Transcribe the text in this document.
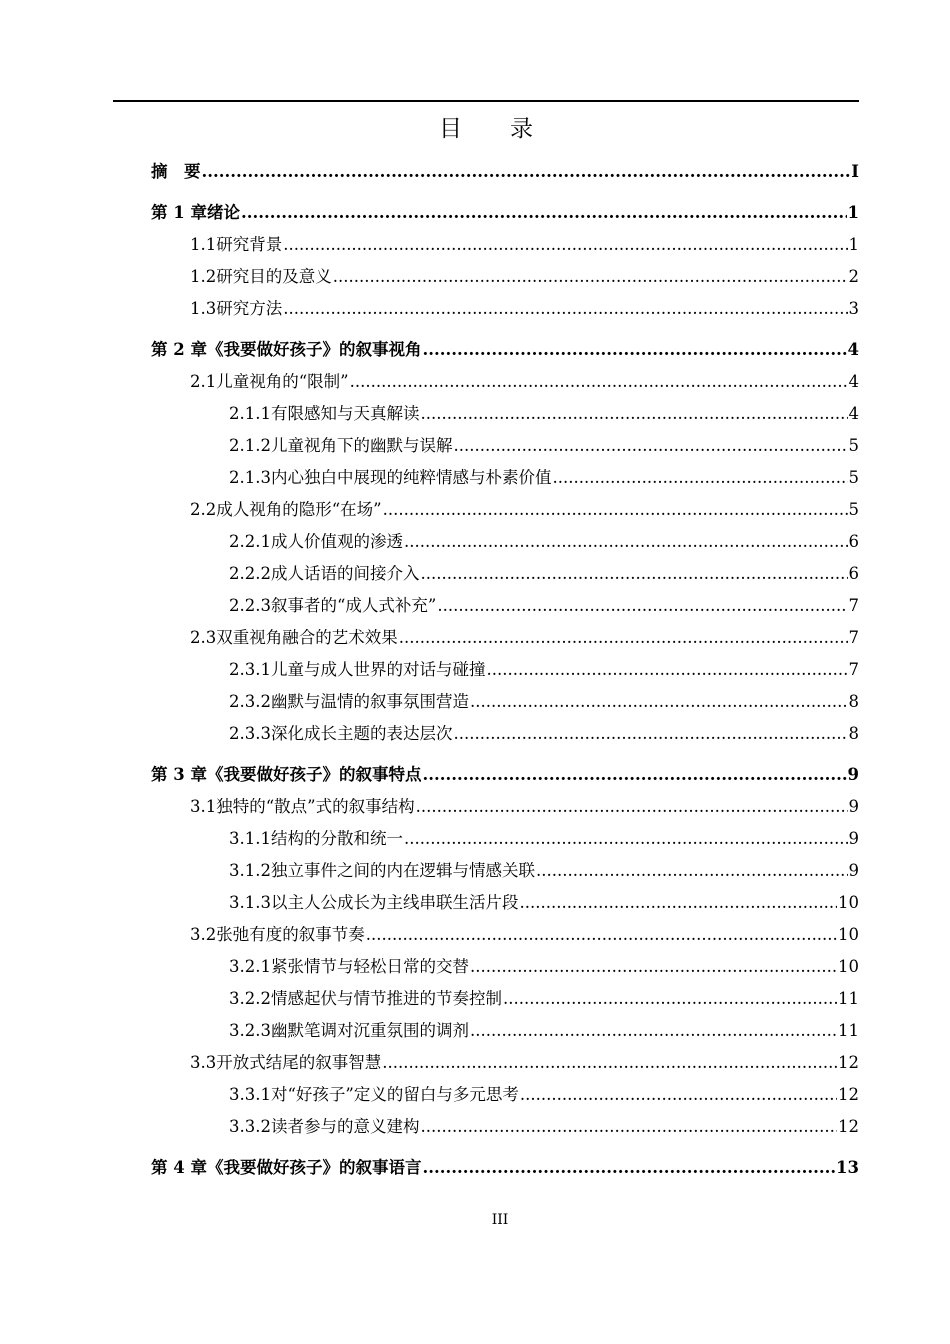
目 录
摘　要 .....	I
第 1 章 绪论 .....	1
1.1 研究背景 .....	1
1.2 研究目的及意义 .....	2
1.3 研究方法 .....	3
第 2 章 《我要做好孩子》的叙事视角 .....	4
2.1 儿童视角的“限制” .....	4
2.1.1 有限感知与天真解读 .....	4
2.1.2 儿童视角下的幽默与误解 .....	5
2.1.3 内心独白中展现的纯粹情感与朴素价值 .....	5
2.2 成人视角的隐形“在场” .....	5
2.2.1 成人价值观的渗透 .....	6
2.2.2 成人话语的间接介入 .....	6
2.2.3 叙事者的“成人式补充” .....	7
2.3 双重视角融合的艺术效果 .....	7
2.3.1 儿童与成人世界的对话与碰撞 .....	7
2.3.2 幽默与温情的叙事氛围营造 .....	8
2.3.3 深化成长主题的表达层次 .....	8
第 3 章 《我要做好孩子》的叙事特点 .....	9
3.1 独特的“散点”式的叙事结构 .....	9
3.1.1 结构的分散和统一 .....	9
3.1.2 独立事件之间的内在逻辑与情感关联 .....	9
3.1.3 以主人公成长为主线串联生活片段 .....	10
3.2 张弛有度的叙事节奏 .....	10
3.2.1 紧张情节与轻松日常的交替 .....	10
3.2.2 情感起伏与情节推进的节奏控制 .....	11
3.2.3 幽默笔调对沉重氛围的调剂 .....	11
3.3 开放式结尾的叙事智慧 .....	12
3.3.1 对“好孩子”定义的留白与多元思考 .....	12
3.3.2 读者参与的意义建构 .....	12
第 4 章 《我要做好孩子》的叙事语言 .....	13
III
